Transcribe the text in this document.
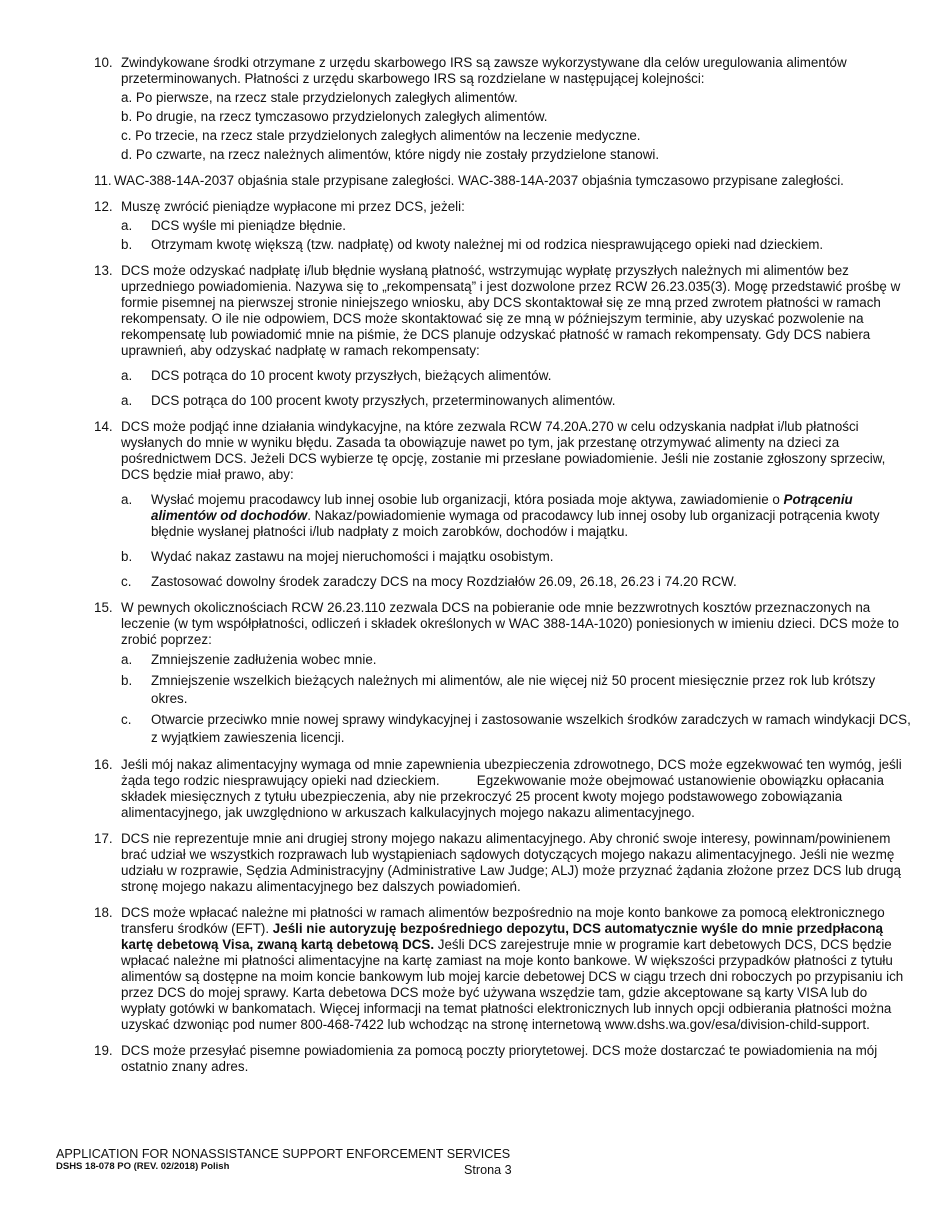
10. Zwindykowane środki otrzymane z urzędu skarbowego IRS są zawsze wykorzystywane dla celów uregulowania alimentów przeterminowanych. Płatności z urzędu skarbowego IRS są rozdzielane w następującej kolejności:
a. Po pierwsze, na rzecz stale przydzielonych zaległych alimentów.
b. Po drugie, na rzecz tymczasowo przydzielonych zaległych alimentów.
c. Po trzecie, na rzecz stale przydzielonych zaległych alimentów na leczenie medyczne.
d. Po czwarte, na rzecz należnych alimentów, które nigdy nie zostały przydzielone stanowi.
11. WAC-388-14A-2037 objaśnia stale przypisane zaległości. WAC-388-14A-2037 objaśnia tymczasowo przypisane zaległości.
12. Muszę zwrócić pieniądze wypłacone mi przez DCS, jeżeli:
a. DCS wyśle mi pieniądze błędnie.
b. Otrzymam kwotę większą (tzw. nadpłatę) od kwoty należnej mi od rodzica niesprawującego opieki nad dzieckiem.
13. DCS może odzyskać nadpłatę i/lub błędnie wysłaną płatność, wstrzymując wypłatę przyszłych należnych mi alimentów bez uprzedniego powiadomienia. Nazywa się to „rekompensatą” i jest dozwolone przez RCW 26.23.035(3). Mogę przedstawić prośbę w formie pisemnej na pierwszej stronie niniejszego wniosku, aby DCS skontaktował się ze mną przed zwrotem płatności w ramach rekompensaty. O ile nie odpowiem, DCS może skontaktować się ze mną w późniejszym terminie, aby uzyskać pozwolenie na rekompensatę lub powiadomić mnie na piśmie, że DCS planuje odzyskać płatność w ramach rekompensaty. Gdy DCS nabiera uprawnień, aby odzyskać nadpłatę w ramach rekompensaty:
a. DCS potrąca do 10 procent kwoty przyszłych, bieżących alimentów.
a. DCS potrąca do 100 procent kwoty przyszłych, przeterminowanych alimentów.
14. DCS może podjąć inne działania windykacyjne, na które zezwala RCW 74.20A.270 w celu odzyskania nadpłat i/lub płatności wysłanych do mnie w wyniku błędu. Zasada ta obowiązuje nawet po tym, jak przestanę otrzymywać alimenty na dzieci za pośrednictwem DCS. Jeżeli DCS wybierze tę opcję, zostanie mi przesłane powiadomienie. Jeśli nie zostanie zgłoszony sprzeciw, DCS będzie miał prawo, aby:
a. Wysłać mojemu pracodawcy lub innej osobie lub organizacji, która posiada moje aktywa, zawiadomienie o Potrąceniu alimentów od dochodów. Nakaz/powiadomienie wymaga od pracodawcy lub innej osoby lub organizacji potrącenia kwoty błędnie wysłanej płatności i/lub nadpłaty z moich zarobków, dochodów i majątku.
b. Wydać nakaz zastawu na mojej nieruchomości i majątku osobistym.
c. Zastosować dowolny środek zaradczy DCS na mocy Rozdziałów 26.09, 26.18, 26.23 i 74.20 RCW.
15. W pewnych okolicznościach RCW 26.23.110 zezwala DCS na pobieranie ode mnie bezzwrotnych kosztów przeznaczonych na leczenie (w tym współpłatności, odliczeń i składek określonych w WAC 388-14A-1020) poniesionych w imieniu dzieci. DCS może to zrobić poprzez:
a. Zmniejszenie zadłużenia wobec mnie.
b. Zmniejszenie wszelkich bieżących należnych mi alimentów, ale nie więcej niż 50 procent miesięcznie przez rok lub krótszy okres.
c. Otwarcie przeciwko mnie nowej sprawy windykacyjnej i zastosowanie wszelkich środków zaradczych w ramach windykacji DCS, z wyjątkiem zawieszenia licencji.
16. Jeśli mój nakaz alimentacyjny wymaga od mnie zapewnienia ubezpieczenia zdrowotnego, DCS może egzekwować ten wymóg, jeśli żąda tego rodzic niesprawujący opieki nad dzieckiem.          Egzekwowanie może obejmować ustanowienie obowiązku opłacania składek miesięcznych z tytułu ubezpieczenia, aby nie przekroczyć 25 procent kwoty mojego podstawowego zobowiązania alimentacyjnego, jak uwzględniono w arkuszach kalkulacyjnych mojego nakazu alimentacyjnego.
17. DCS nie reprezentuje mnie ani drugiej strony mojego nakazu alimentacyjnego. Aby chronić swoje interesy, powinnam/powinienem brać udział we wszystkich rozprawach lub wystąpieniach sądowych dotyczących mojego nakazu alimentacyjnego. Jeśli nie wezmę udziału w rozprawie, Sędzia Administracyjny (Administrative Law Judge; ALJ) może przyznać żądania złożone przez DCS lub drugą stronę mojego nakazu alimentacyjnego bez dalszych powiadomień.
18. DCS może wpłacać należne mi płatności w ramach alimentów bezpośrednio na moje konto bankowe za pomocą elektronicznego transferu środków (EFT). Jeśli nie autoryzuję bezpośredniego depozytu, DCS automatycznie wyśle do mnie przedpłaconą kartę debetową Visa, zwaną kartą debetową DCS. Jeśli DCS zarejestruje mnie w programie kart debetowych DCS, DCS będzie wpłacać należne mi płatności alimentacyjne na kartę zamiast na moje konto bankowe. W większości przypadków płatności z tytułu alimentów są dostępne na moim koncie bankowym lub mojej karcie debetowej DCS w ciągu trzech dni roboczych po przypisaniu ich przez DCS do mojej sprawy. Karta debetowa DCS może być używana wszędzie tam, gdzie akceptowane są karty VISA lub do wypłaty gotówki w bankomatach. Więcej informacji na temat płatności elektronicznych lub innych opcji odbierania płatności można uzyskać dzwoniąc pod numer 800-468-7422 lub wchodząc na stronę internetową www.dshs.wa.gov/esa/division-child-support.
19. DCS może przesyłać pisemne powiadomienia za pomocą poczty priorytetowej. DCS może dostarczać te powiadomienia na mój ostatnio znany adres.
APPLICATION FOR NONASSISTANCE SUPPORT ENFORCEMENT SERVICES
DSHS 18-078 PO (REV. 02/2018) Polish	Strona 3
